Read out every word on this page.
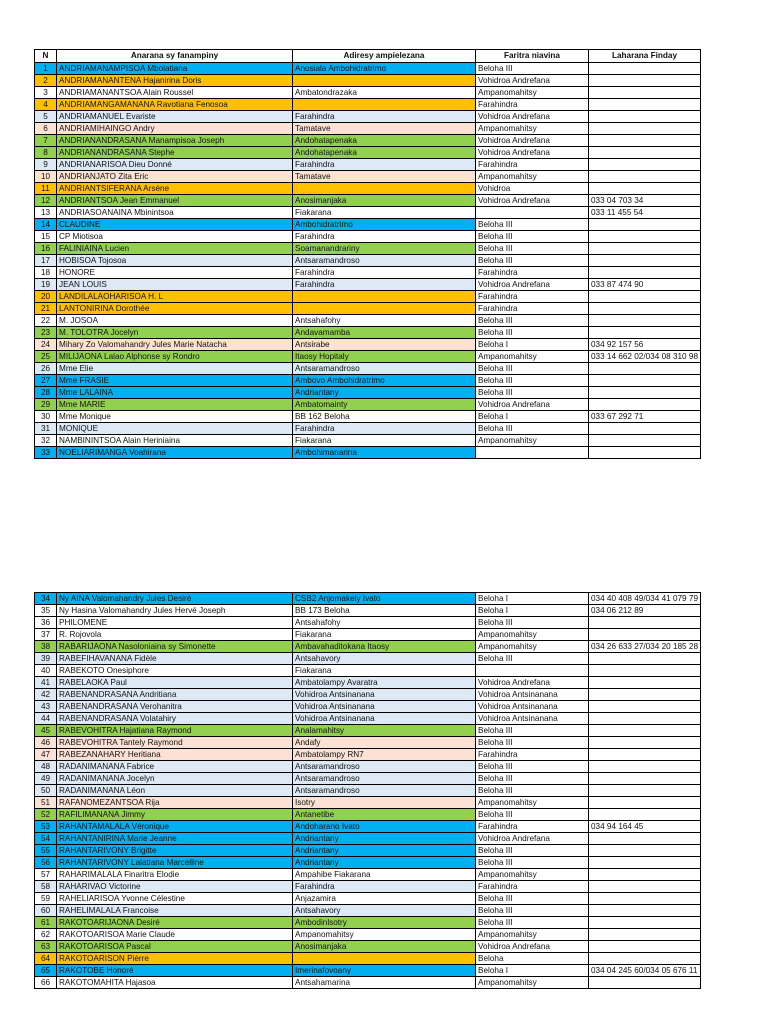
N	Anarana sy fanampiny	Adiresy ampielezana	Faritra niavina	Laharana Finday
1	ANDRIAMANAMPISOA Mbolatiana	Anosiala Ambohidratrimo	Beloha III	
2	ANDRIAMANANTENA Hajanirina Doris		Vohidroa Andrefana	
3	ANDRIAMANANTSOA Alain Roussel	Ambatondrazaka	Ampanomahitsy	
4	ANDRIAMANGAMANANA Ravotiana Fenosoa		Farahindra	
5	ANDRIAMANUEL Evariste	Farahindra	Vohidroa Andrefana	
6	ANDRIAMIHAINGO Andry	Tamatave	Ampanomahitsy	
7	ANDRIANANDRASANA Manampisoa Joseph	Andohatapenaka	Vohidroa Andrefana	
8	ANDRIANANDRASANA Stephe	Andohatapenaka	Vohidroa Andrefana	
9	ANDRIANARISOA Dieu Donné	Farahindra	Farahindra	
10	ANDRIANJATO Zita Eric	Tamatave	Ampanomahitsy	
11	ANDRIANTSIFERANA Arséne		Vohidroa	
12	ANDRIANTSOA Jean Emmanuel	Anosimanjaka	Vohidroa Andrefana	033 04 703 34
13	ANDRIASOANAINA Mbinintsoa	Fiakarana		033 11 455 54
14	CLAUDINE	Ambohidratrimo	Beloha III	
15	CP Miotisoa	Farahindra	Beloha III	
16	FALINIAINA Lucien	Soamanandrariny	Beloha III	
17	HOBISOA Tojosoa	Antsaramandroso	Beloha III	
18	HONORE	Farahindra	Farahindra	
19	JEAN LOUIS	Farahindra	Vohidroa Andrefana	033 87 474 90
20	LANDILALAOHARISOA H. L		Farahindra	
21	LANTONIRINA Dorothée		Farahindra	
22	M. JOSOA	Antsahafohy	Beloha III	
23	M. TOLOTRA Jocelyn	Andavamamba	Beloha III	
24	Mihary Zo Valomahandry Jules Marie Natacha	Antsirabe	Beloha I	034 92 157 56
25	MILIJAONA Lalao Alphonse sy Rondro	Itaosy Hopitaly	Ampanomahitsy	033 14 662 02/034 08 310 98
26	Mme Elie	Antsaramandroso	Beloha III	
27	Mme FRASIE	Ambovo Ambohidratrimo	Beloha III	
28	Mme LALAINA	Andriantany	Beloha III	
29	Mme MARIE	Ambatomainty	Vohidroa Andrefana	
30	Mme Monique	BB 162 Beloha	Beloha I	033 67 292 71
31	MONIQUE	Farahindra	Beloha III	
32	NAMBININTSOA Alain Heriniaina	Fiakarana	Ampanomahitsy	
33	NOELIARIMANGA Voahirana	Ambohimanarina		
34	Ny AINA Valomahandry Jules Desiré	CSB2 Anjomakely Ivato	Beloha I	034 40 408 49/034 41 079 79
35	Ny Hasina Valomahandry Jules Hervé Joseph	BB 173 Beloha	Beloha I	034 06 212 89
36	PHILOMENE	Antsahafohy	Beloha III	
37	R. Rojovola	Fiakarana	Ampanomahitsy	
38	RABARIJAONA Nasoloniaina sy Simonette	Ambavahaditokana Itaosy	Ampanomahitsy	034 26 633 27/034 20 185 28
39	RABEFIHAVANANA Fidèle	Antsahavory	Beloha III	
40	RABEKOTO Onesiphore	Fiakarana		
41	RABELAOKA Paul	Ambatolampy Avaratra	Vohidroa Andrefana	
42	RABENANDRASANA Andritiana	Vohidroa Antsinanana	Vohidroa Antsinanana	
43	RABENANDRASANA Verohanitra	Vohidroa Antsinanana	Vohidroa Antsinanana	
44	RABENANDRASANA Volatahiry	Vohidroa Antsinanana	Vohidroa Antsinanana	
45	RABEVOHITRA Hajatiana Raymond	Analamahitsy	Beloha III	
46	RABEVOHITRA Tantely Raymond	Andafy	Beloha III	
47	RABEZANAHARY Heritiana	Ambatolampy RN7	Farahindra	
48	RADANIMANANA Fabrice	Antsaramandroso	Beloha III	
49	RADANIMANANA Jocelyn	Antsaramandroso	Beloha III	
50	RADANIMANANA Léon	Antsaramandroso	Beloha III	
51	RAFANOMEZANTSOA Rija	Isotry	Ampanomahitsy	
52	RAFILIMANANA Jimmy	Antanetibe	Beloha III	
53	RAHANTAMALALA Véronique	Andoharano Ivato	Farahindra	034 94 164 45
54	RAHANTANIRINA Marie Jeanne	Andriantany	Vohidroa Andrefana	
55	RAHANTARIVONY Brigitte	Andriantany	Beloha III	
56	RAHANTARIVONY Lalatiana Marcelline	Andriantany	Beloha III	
57	RAHARIMALALA Finaritra Elodie	Ampahibe Fiakarana	Ampanomahitsy	
58	RAHARIVAO Victorine	Farahindra	Farahindra	
59	RAHELIARISOA Yvonne Célestine	Anjazamira	Beloha III	
60	RAHELIMALALA Francoise	Antsahavory	Beloha III	
61	RAKOTOARIJAONA Desiré	Ambodinlsotry	Beloha III	
62	RAKOTOARISOA Marie Claude	Ampanomahitsy	Ampanomahitsy	
63	RAKOTOARISOA Pascal	Anosimanjaka	Vohidroa Andrefana	
64	RAKOTOARISON Pièrre		Beloha	
65	RAKOTOBE Honoré	Imerinafovoany	Beloha I	034 04 245 60/034 05 676 11
66	RAKOTOMAHITA Hajasoa	Antsahamarina	Ampanomahitsy	
